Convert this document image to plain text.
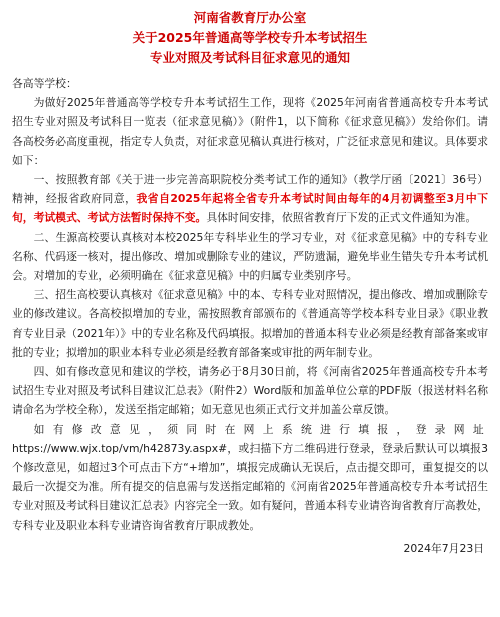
河南省教育厅办公室
关于2025年普通高等学校专升本考试招生
专业对照及考试科目征求意见的通知

各高等学校：

为做好2025年普通高等学校专升本考试招生工作，现将《2025年河南省普通高校专升本考试招生专业对照及考试科目一览表（征求意见稿）》（附件1，以下简称《征求意见稿》）发给你们。请各高校务必高度重视，指定专人负责，对征求意见稿认真进行核对，广泛征求意见和建议。具体要求如下：

一、按照教育部《关于进一步完善高职院校分类考试工作的通知》（教学厅函〔2021〕36号）精神，经报省政府同意，我省自2025年起将全省专升本考试时间由每年的4月初调整至3月中下旬，考试模式、考试方法暂时保持不变。具体时间安排，依照省教育厅下发的正式文件通知为准。

二、生源高校要认真核对本校2025年专科毕业生的学习专业，对《征求意见稿》中的专科专业名称、代码逐一核对，提出修改、增加或删除专业的建议，严防遗漏，避免毕业生错失专升本考试机会。对增加的专业，必须明确在《征求意见稿》中的归属专业类别序号。

三、招生高校要认真核对《征求意见稿》中的本、专科专业对照情况，提出修改、增加或删除专业的修改建议。各高校拟增加的专业，需按照教育部颁布的《普通高等学校本科专业目录》《职业教育专业目录（2021年）》中的专业名称及代码填报。拟增加的普通本科专业必须是经教育部备案或审批的专业；拟增加的职业本科专业必须是经教育部备案或审批的两年制专业。

四、如有修改意见和建议的学校，请务必于8月30日前，将《河南省2025年普通高校专升本考试招生专业对照及考试科目建议汇总表》（附件2）Word版和加盖单位公章的PDF版（报送材料名称请命名为学校全称），发送至指定邮箱；如无意见也须正式行文并加盖公章反馈。

如有修改意见，须同时在网上系统进行填报，登录网址https://www.wjx.top/vm/h42873y.aspx#，或扫描下方二维码进行登录，登录后默认可以填报3个修改意见，如超过3个可点击下方“+增加”，填报完成确认无误后，点击提交即可，重复提交的以最后一次提交为准。所有提交的信息需与发送指定邮箱的《河南省2025年普通高校专升本考试招生专业对照及考试科目建议汇总表》内容完全一致。如有疑问，普通本科专业请咨询省教育厅高教处，专科专业及职业本科专业请咨询省教育厅职成教处。

2024年7月23日
